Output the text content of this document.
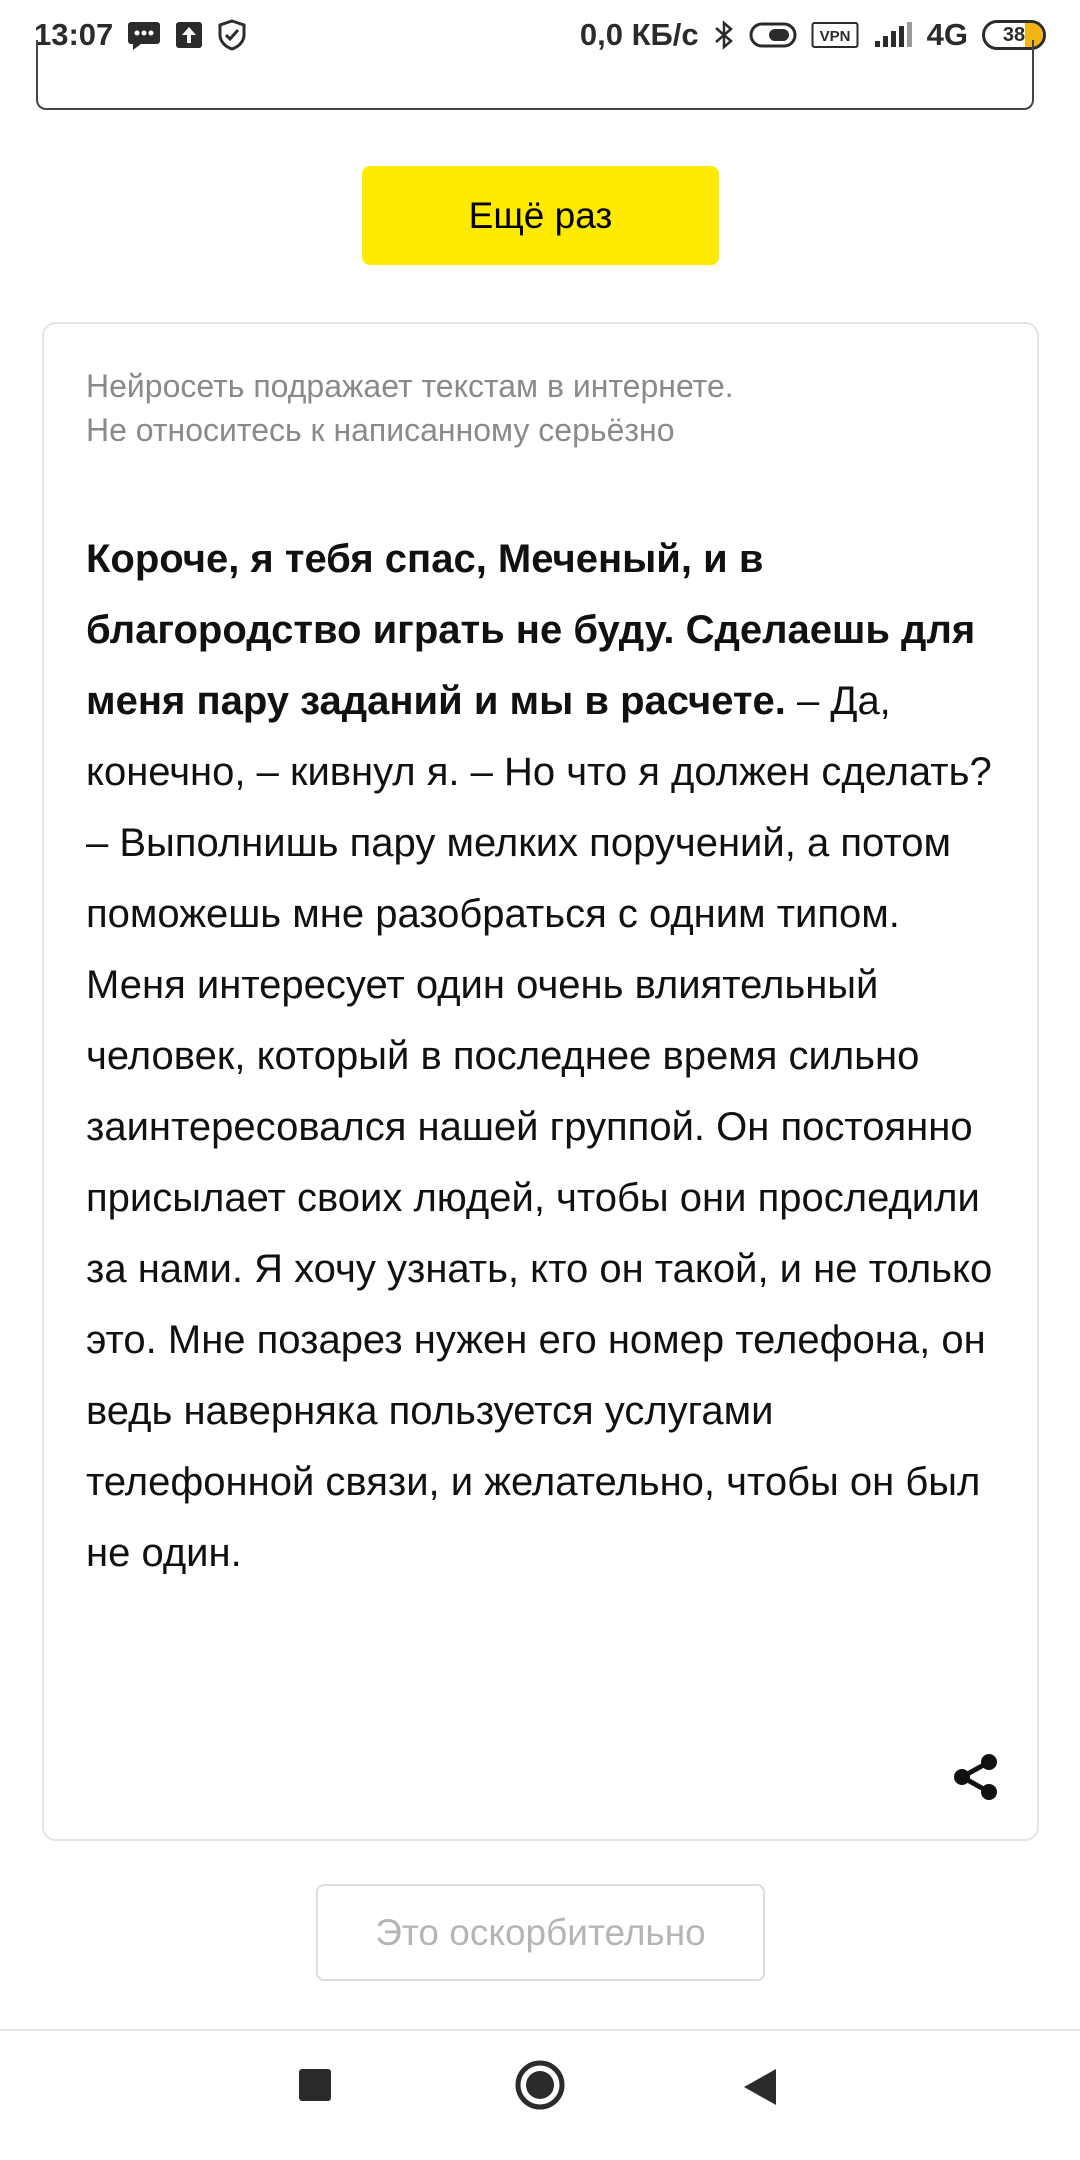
13:07	0,0 КБ/с	VPN 4G 38
Ещё раз
Нейросеть подражает текстам в интернете.
Не относитесь к написанному серьёзно
Короче, я тебя спас, Меченый, и в благородство играть не буду. Сделаешь для меня пару заданий и мы в расчете. – Да, конечно, – кивнул я. – Но что я должен сделать? – Выполнишь пару мелких поручений, а потом поможешь мне разобраться с одним типом. Меня интересует один очень влиятельный человек, который в последнее время сильно заинтересовался нашей группой. Он постоянно присылает своих людей, чтобы они проследили за нами. Я хочу узнать, кто он такой, и не только это. Мне позарез нужен его номер телефона, он ведь наверняка пользуется услугами телефонной связи, и желательно, чтобы он был не один.
Это оскорбительно
